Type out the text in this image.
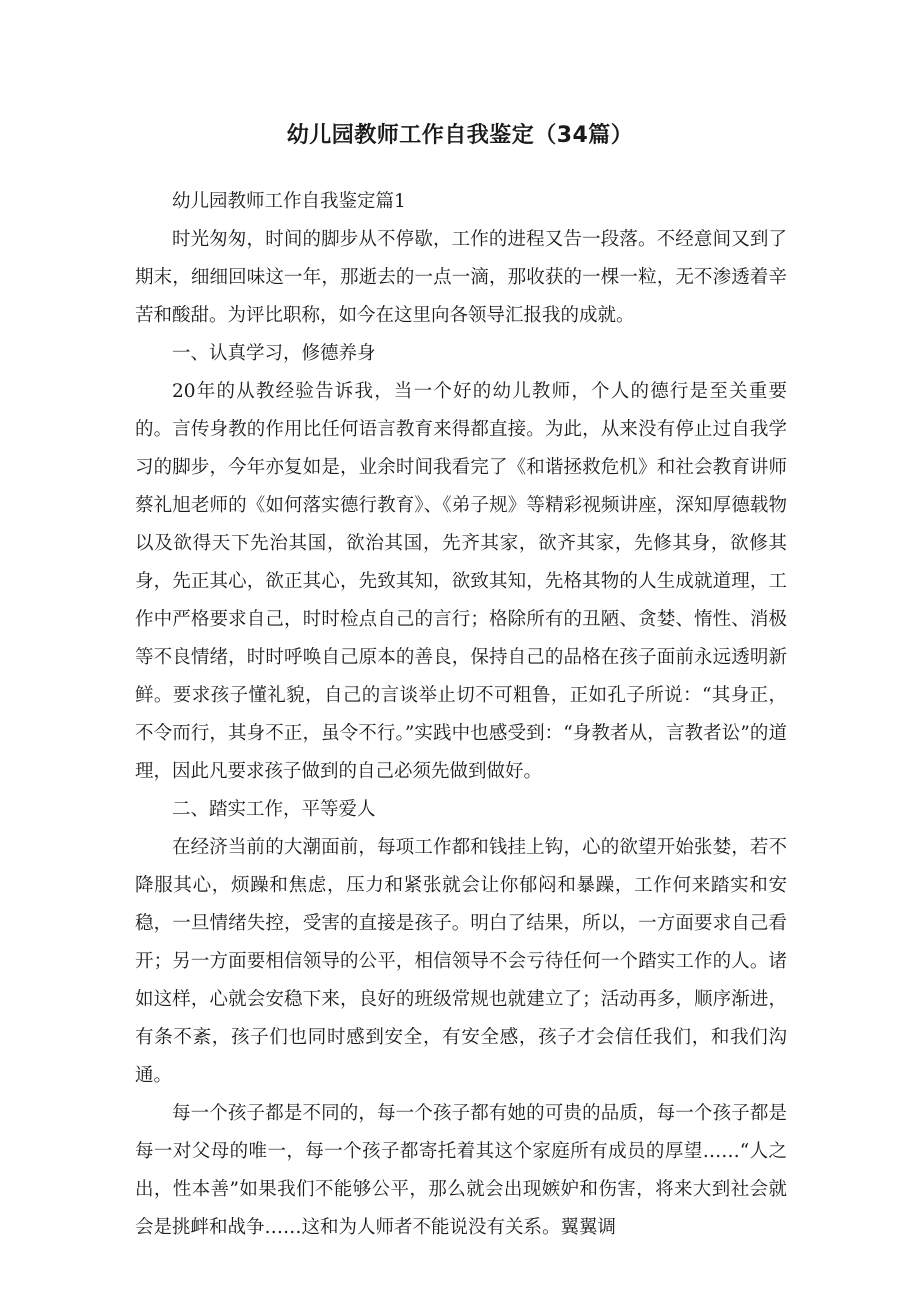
幼儿园教师工作自我鉴定（34篇）

幼儿园教师工作自我鉴定篇1

时光匆匆，时间的脚步从不停歇，工作的进程又告一段落。不经意间又到了期末，细细回味这一年，那逝去的一点一滴，那收获的一棵一粒，无不渗透着辛苦和酸甜。为评比职称，如今在这里向各领导汇报我的成就。

一、认真学习，修德养身

20年的从教经验告诉我，当一个好的幼儿教师，个人的德行是至关重要的。言传身教的作用比任何语言教育来得都直接。为此，从来没有停止过自我学习的脚步，今年亦复如是，业余时间我看完了《和谐拯救危机》和社会教育讲师蔡礼旭老师的《如何落实德行教育》、《弟子规》等精彩视频讲座，深知厚德载物以及欲得天下先治其国，欲治其国，先齐其家，欲齐其家，先修其身，欲修其身，先正其心，欲正其心，先致其知，欲致其知，先格其物的人生成就道理，工作中严格要求自己，时时检点自己的言行；格除所有的丑陋、贪婪、惰性、消极等不良情绪，时时呼唤自己原本的善良，保持自己的品格在孩子面前永远透明新鲜。要求孩子懂礼貌，自己的言谈举止切不可粗鲁，正如孔子所说：“其身正，不令而行，其身不正，虽令不行。”实践中也感受到：“身教者从，言教者讼”的道理，因此凡要求孩子做到的自己必须先做到做好。

二、踏实工作，平等爱人

在经济当前的大潮面前，每项工作都和钱挂上钩，心的欲望开始张婪，若不降服其心，烦躁和焦虑，压力和紧张就会让你郁闷和暴躁，工作何来踏实和安稳，一旦情绪失控，受害的直接是孩子。明白了结果，所以，一方面要求自己看开；另一方面要相信领导的公平，相信领导不会亏待任何一个踏实工作的人。诸如这样，心就会安稳下来，良好的班级常规也就建立了；活动再多，顺序渐进，有条不紊，孩子们也同时感到安全，有安全感，孩子才会信任我们，和我们沟通。

每一个孩子都是不同的，每一个孩子都有她的可贵的品质，每一个孩子都是每一对父母的唯一，每一个孩子都寄托着其这个家庭所有成员的厚望……“人之出，性本善”如果我们不能够公平，那么就会出现嫉妒和伤害，将来大到社会就会是挑衅和战争……这和为人师者不能说没有关系。翼翼调
